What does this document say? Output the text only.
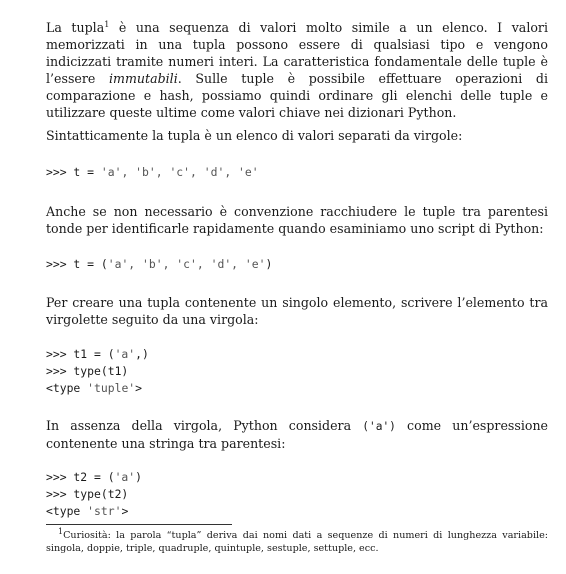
La tupla$^1$ è una sequenza di valori molto simile a un elenco. I valori memorizzati in una tupla possono essere di qualsiasi tipo e vengono indicizzati tramite numeri interi. La caratteristica fondamentale delle tuple è l’essere immutabili. Sulle tuple è possibile effettuare operazioni di comparazione e hash, possiamo quindi ordinare gli elenchi delle tuple e utilizzare queste ultime come valori chiave nei dizionari Python.

Sintatticamente la tupla è un elenco di valori separati da virgole:

>>> t = 'a', 'b', 'c', 'd', 'e'

Anche se non necessario è convenzione racchiudere le tuple tra parentesi tonde per identificarle rapidamente quando esaminiamo uno script di Python:

>>> t = ('a', 'b', 'c', 'd', 'e')

Per creare una tupla contenente un singolo elemento, scrivere l’elemento tra virgolette seguito da una virgola:

>>> t1 = ('a',)
>>> type(t1)
<type 'tuple'>

In assenza della virgola, Python considera ('a') come un’espressione contenente una stringa tra parentesi:

>>> t2 = ('a')
>>> type(t2)
<type 'str'>

$^1$Curiosità: la parola “tupla” deriva dai nomi dati a sequenze di numeri di lunghezza variabile: singola, doppie, triple, quadruple, quintuple, sestuple, settuple, ecc.
